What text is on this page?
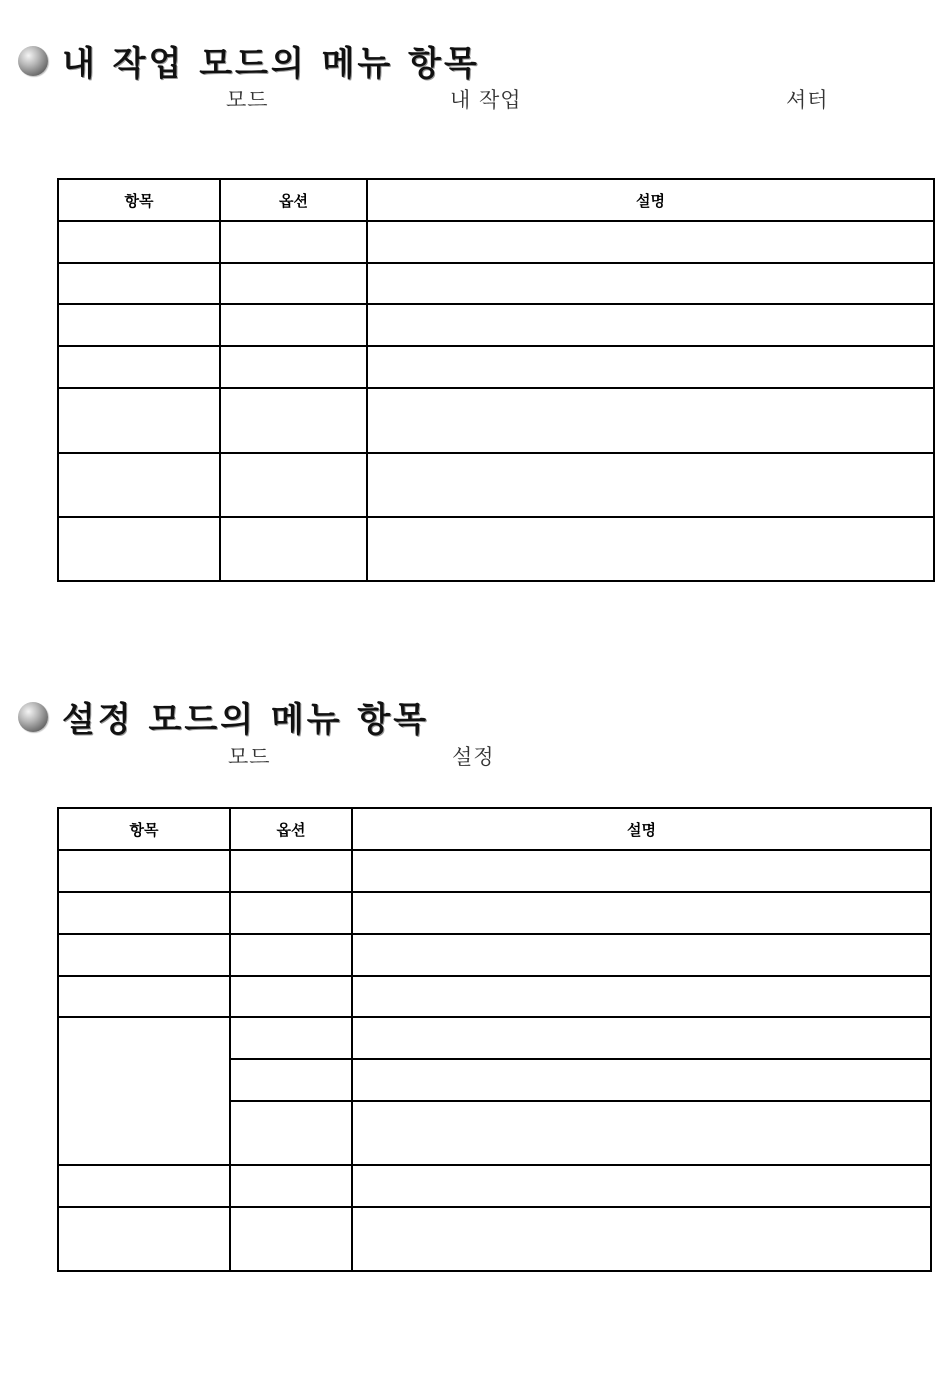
내 작업 모드의 메뉴 항목
모드	내 작업	셔터
항목	옵션	설명

설정 모드의 메뉴 항목
모드	설정
항목	옵션	설명
